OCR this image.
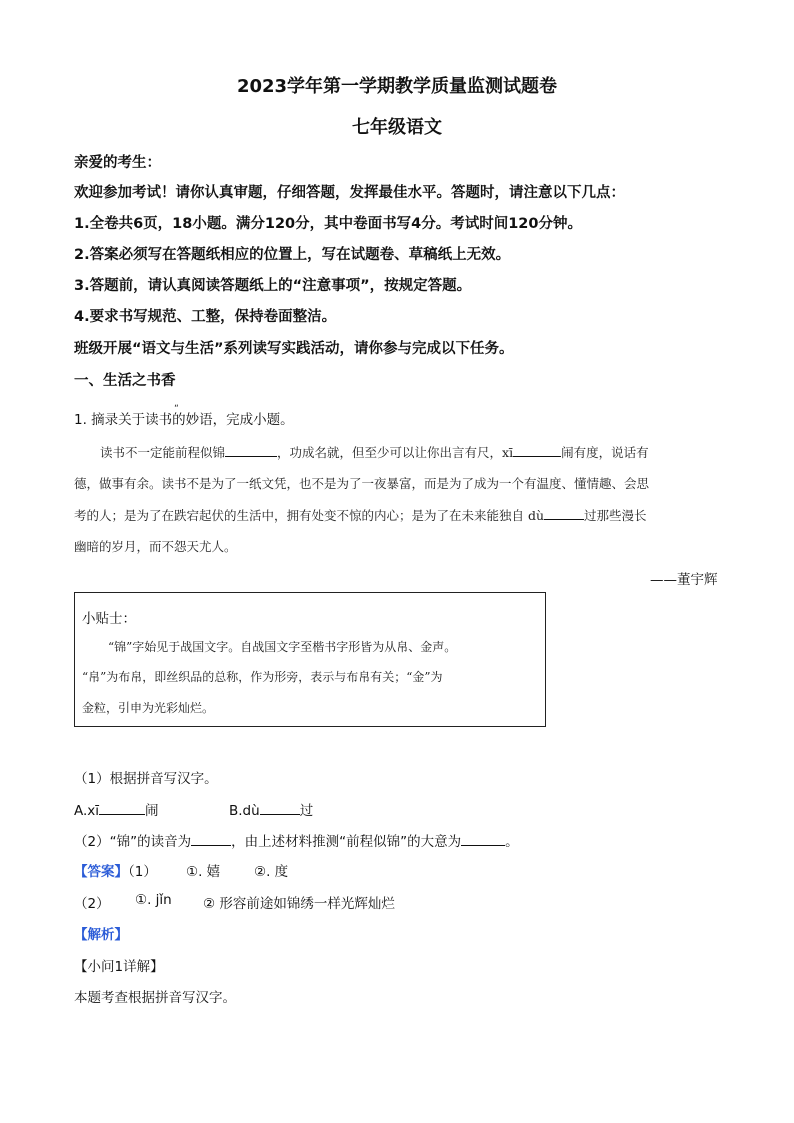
2023学年第一学期教学质量监测试题卷
七年级语文
亲爱的考生：
欢迎参加考试！请你认真审题，仔细答题，发挥最佳水平。答题时，请注意以下几点：
1.全卷共6页，18小题。满分120分，其中卷面书写4分。考试时间120分钟。
2.答案必须写在答题纸相应的位置上，写在试题卷、草稿纸上无效。
3.答题前，请认真阅读答题纸上的“注意事项”，按规定答题。
4.要求书写规范、工整，保持卷面整洁。
班级开展“语文与生活”系列读写实践活动，请你参与完成以下任务。
一、生活之书香
1. 摘录关于读书
“
的妙语，完成小题。
读书不一定能前程似锦	，功成名就，但至少可以让你出言有尺，xī	闹有度，说话有
德，做事有余。读书不是为了一纸文凭，也不是为了一夜暴富，而是为了成为一个有温度、懂情趣、会思
考的人；是为了在跌宕起伏的生活中，拥有处变不惊的内心；是为了在未来能独自 dù	过那些漫长
幽暗的岁月，而不怨天尤人。
——董宇辉
小贴士：
“锦”字始见于战国文字。自战国文字至楷书字形皆为从帛、金声。
“帛”为布帛，即丝织品的总称，作为形旁，表示与布帛有关；“金”为
金粒，引申为光彩灿烂。
（1）根据拼音写汉字。
A.xī	闹	B.dù	过
（2）“锦”的读音为	，由上述材料推测“前程似锦”的大意为	。
【答案】（1） ①. 嬉	②. 度
（2） ①. jǐn ② 形容前途如锦绣一样光辉灿烂
【解析】
【小问1详解】
本题考查根据拼音写汉字。
